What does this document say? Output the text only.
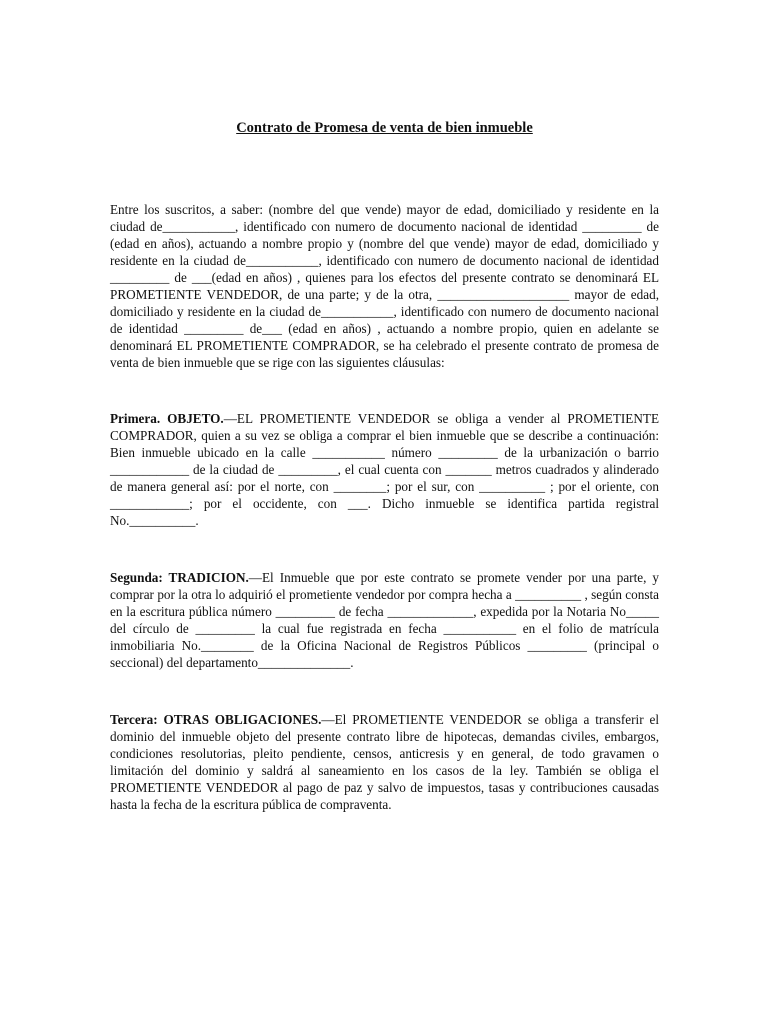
Contrato de Promesa de venta de bien inmueble

Entre los suscritos, a saber: (nombre del que vende) mayor de edad, domiciliado y residente en la ciudad de___________, identificado con numero de documento nacional de identidad _________ de (edad en años), actuando a nombre propio y (nombre del que vende) mayor de edad, domiciliado y residente en la ciudad de___________, identificado con numero de documento nacional de identidad _________ de ___(edad en años) , quienes para los efectos del presente contrato se denominará EL PROMETIENTE VENDEDOR, de una parte; y de la otra, ____________________ mayor de edad, domiciliado y residente en la ciudad de___________, identificado con numero de documento nacional de identidad _________ de___ (edad en años) , actuando a nombre propio, quien en adelante se denominará EL PROMETIENTE COMPRADOR, se ha celebrado el presente contrato de promesa de venta de bien inmueble que se rige con las siguientes cláusulas:

Primera. OBJETO.—EL PROMETIENTE VENDEDOR se obliga a vender al PROMETIENTE COMPRADOR, quien a su vez se obliga a comprar el bien inmueble que se describe a continuación: Bien inmueble ubicado en la calle ___________ número _________ de la urbanización o barrio ____________ de la ciudad de _________, el cual cuenta con _______ metros cuadrados y alinderado de manera general así: por el norte, con ________; por el sur, con __________ ; por el oriente, con ____________; por el occidente, con ___. Dicho inmueble se identifica partida registral No.__________.

Segunda: TRADICION.—El Inmueble que por este contrato se promete vender por una parte, y comprar por la otra lo adquirió el prometiente vendedor por compra hecha a __________ , según consta en la escritura pública número _________ de fecha _____________, expedida por la Notaria No_____ del círculo de _________ la cual fue registrada en fecha ___________ en el folio de matrícula inmobiliaria No.________ de la Oficina Nacional de Registros Públicos _________ (principal o seccional) del departamento______________.

Tercera: OTRAS OBLIGACIONES.—El PROMETIENTE VENDEDOR se obliga a transferir el dominio del inmueble objeto del presente contrato libre de hipotecas, demandas civiles, embargos, condiciones resolutorias, pleito pendiente, censos, anticresis y en general, de todo gravamen o limitación del dominio y saldrá al saneamiento en los casos de la ley. También se obliga el PROMETIENTE VENDEDOR al pago de paz y salvo de impuestos, tasas y contribuciones causadas hasta la fecha de la escritura pública de compraventa.
